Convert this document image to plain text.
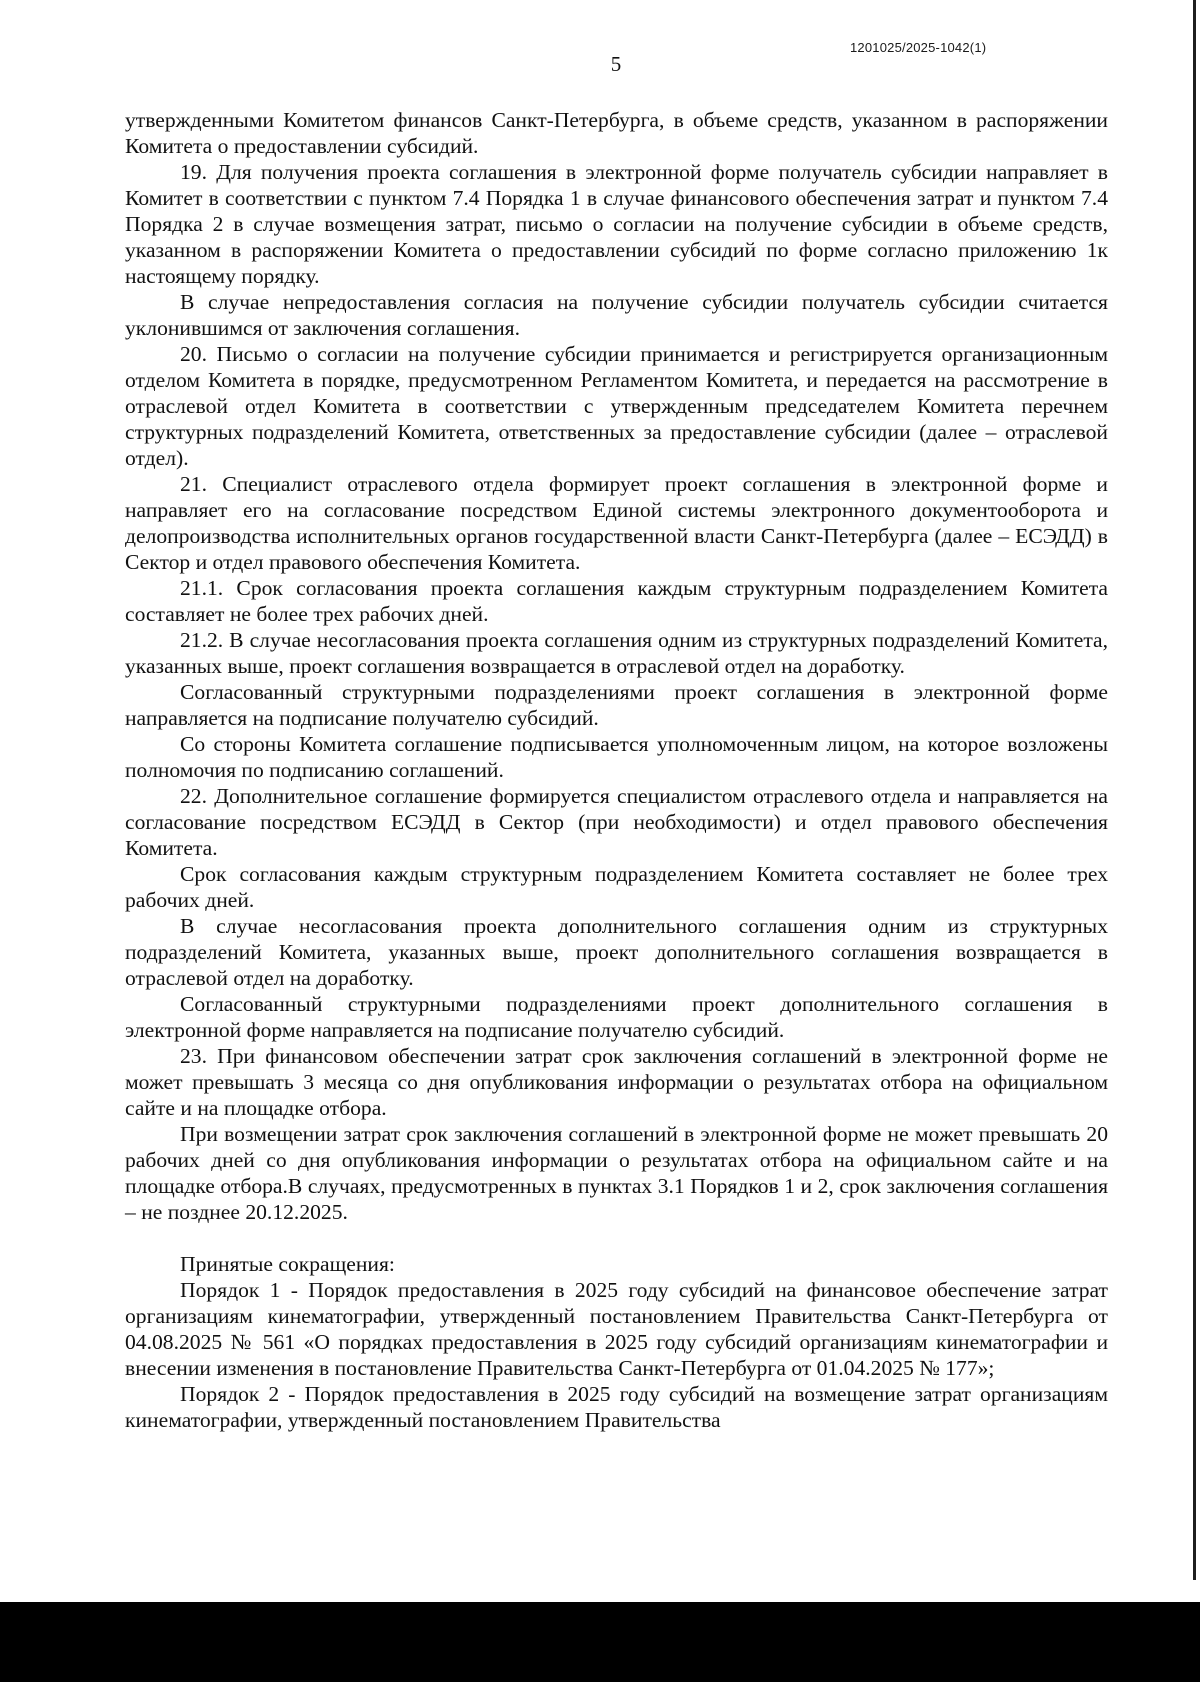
1201025/2025-1042(1)
5

утвержденными Комитетом финансов Санкт-Петербурга, в объеме средств, указанном в распоряжении Комитета о предоставлении субсидий.

19. Для получения проекта соглашения в электронной форме получатель субсидии направляет в Комитет в соответствии с пунктом 7.4 Порядка 1 в случае финансового обеспечения затрат и пунктом 7.4 Порядка 2 в случае возмещения затрат, письмо о согласии на получение субсидии в объеме средств, указанном в распоряжении Комитета о предоставлении субсидий по форме согласно приложению 1к настоящему порядку.

В случае непредоставления согласия на получение субсидии получатель субсидии считается уклонившимся от заключения соглашения.

20. Письмо о согласии на получение субсидии принимается и регистрируется организационным отделом Комитета в порядке, предусмотренном Регламентом Комитета, и передается на рассмотрение в отраслевой отдел Комитета в соответствии с утвержденным председателем Комитета перечнем структурных подразделений Комитета, ответственных за предоставление субсидии (далее – отраслевой отдел).

21. Специалист отраслевого отдела формирует проект соглашения в электронной форме и направляет его на согласование посредством Единой системы электронного документооборота и делопроизводства исполнительных органов государственной власти Санкт-Петербурга (далее – ЕСЭДД) в Сектор и отдел правового обеспечения Комитета.

21.1. Срок согласования проекта соглашения каждым структурным подразделением Комитета составляет не более трех рабочих дней.

21.2. В случае несогласования проекта соглашения одним из структурных подразделений Комитета, указанных выше, проект соглашения возвращается в отраслевой отдел на доработку.

Согласованный структурными подразделениями проект соглашения в электронной форме направляется на подписание получателю субсидий.

Со стороны Комитета соглашение подписывается уполномоченным лицом, на которое возложены полномочия по подписанию соглашений.

22. Дополнительное соглашение формируется специалистом отраслевого отдела и направляется на согласование посредством ЕСЭДД в Сектор (при необходимости) и отдел правового обеспечения Комитета.

Срок согласования каждым структурным подразделением Комитета составляет не более трех рабочих дней.

В случае несогласования проекта дополнительного соглашения одним из структурных подразделений Комитета, указанных выше, проект дополнительного соглашения возвращается в отраслевой отдел на доработку.

Согласованный структурными подразделениями проект дополнительного соглашения в электронной форме направляется на подписание получателю субсидий.

23. При финансовом обеспечении затрат срок заключения соглашений в электронной форме не может превышать 3 месяца со дня опубликования информации о результатах отбора на официальном сайте и на площадке отбора.

При возмещении затрат срок заключения соглашений в электронной форме не может превышать 20 рабочих дней со дня опубликования информации о результатах отбора на официальном сайте и на площадке отбора.В случаях, предусмотренных в пунктах 3.1 Порядков 1 и 2, срок заключения соглашения – не позднее 20.12.2025.

Принятые сокращения:

Порядок 1 - Порядок предоставления в 2025 году субсидий на финансовое обеспечение затрат организациям кинематографии, утвержденный постановлением Правительства Санкт-Петербурга от 04.08.2025 № 561 «О порядках предоставления в 2025 году субсидий организациям кинематографии и внесении изменения в постановление Правительства Санкт-Петербурга от 01.04.2025 № 177»;

Порядок 2 - Порядок предоставления в 2025 году субсидий на возмещение затрат организациям кинематографии, утвержденный постановлением Правительства
